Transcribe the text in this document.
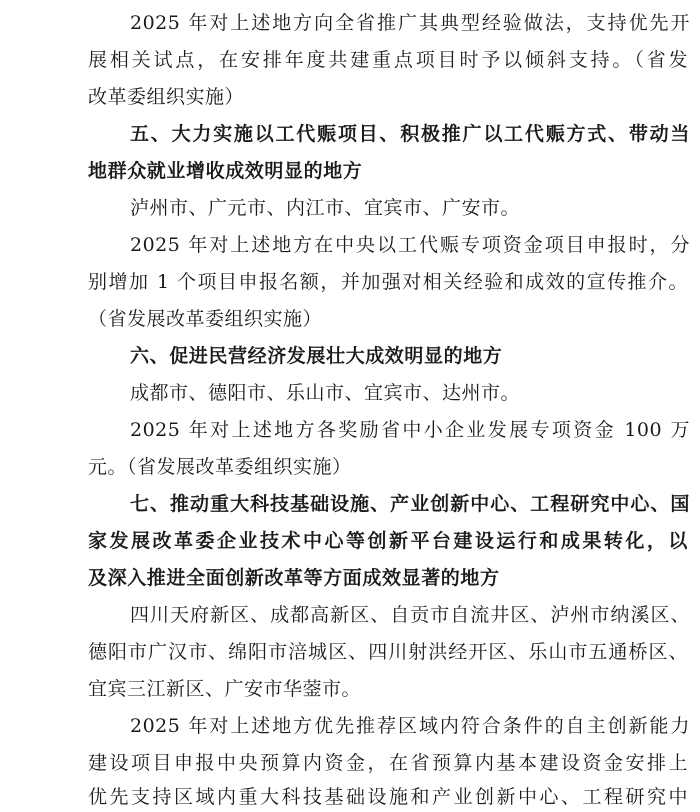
2025 年对上述地方向全省推广其典型经验做法，支持优先开
展相关试点，在安排年度共建重点项目时予以倾斜支持。（省发
改革委组织实施）
五、大力实施以工代赈项目、积极推广以工代赈方式、带动当
地群众就业增收成效明显的地方
泸州市、广元市、内江市、宜宾市、广安市。
2025 年对上述地方在中央以工代赈专项资金项目申报时，分
别增加 1 个项目申报名额，并加强对相关经验和成效的宣传推介。
（省发展改革委组织实施）
六、促进民营经济发展壮大成效明显的地方
成都市、德阳市、乐山市、宜宾市、达州市。
2025 年对上述地方各奖励省中小企业发展专项资金 100 万
元。（省发展改革委组织实施）
七、推动重大科技基础设施、产业创新中心、工程研究中心、国
家发展改革委企业技术中心等创新平台建设运行和成果转化，以
及深入推进全面创新改革等方面成效显著的地方
四川天府新区、成都高新区、自贡市自流井区、泸州市纳溪区、
德阳市广汉市、绵阳市涪城区、四川射洪经开区、乐山市五通桥区、
宜宾三江新区、广安市华蓥市。
2025 年对上述地方优先推荐区域内符合条件的自主创新能力
建设项目申报中央预算内资金，在省预算内基本建设资金安排上
优先支持区域内重大科技基础设施和产业创新中心、工程研究中
